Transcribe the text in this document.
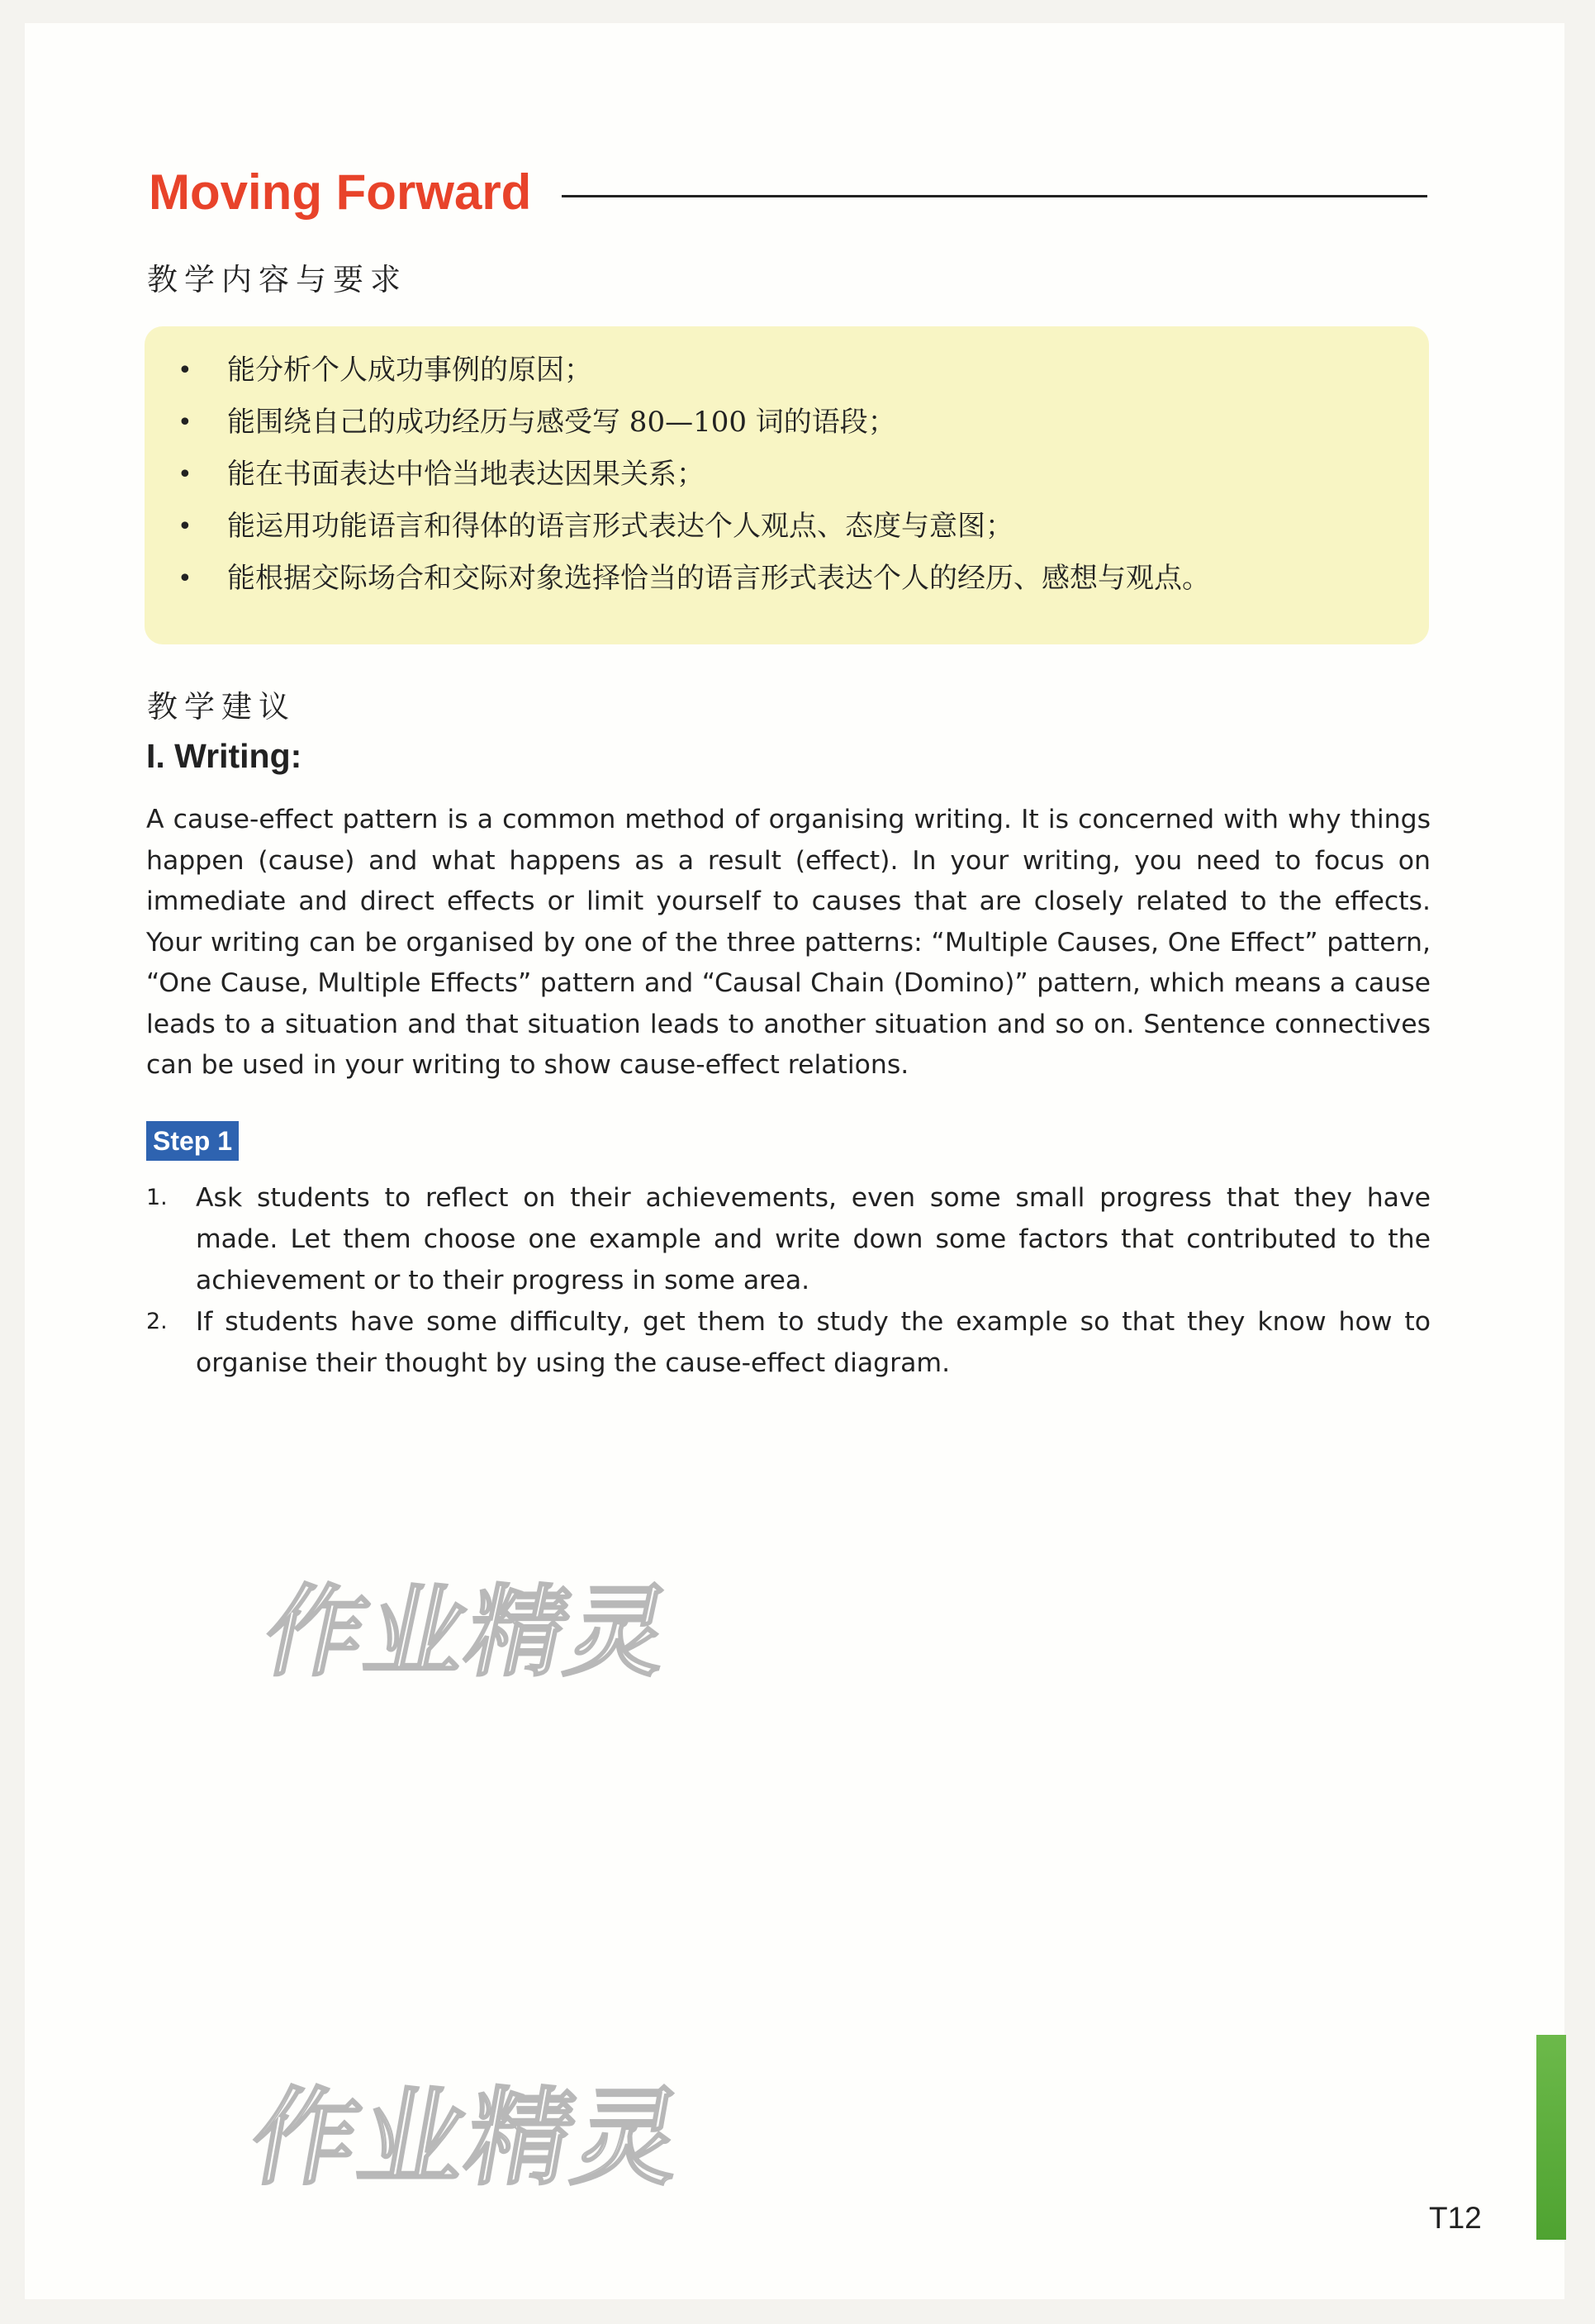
Moving Forward
教学内容与要求
• 能分析个人成功事例的原因；
• 能围绕自己的成功经历与感受写 80—100 词的语段；
• 能在书面表达中恰当地表达因果关系；
• 能运用功能语言和得体的语言形式表达个人观点、态度与意图；
• 能根据交际场合和交际对象选择恰当的语言形式表达个人的经历、感想与观点。
教学建议
I. Writing:

A cause-effect pattern is a common method of organising writing. It is concerned with why things happen (cause) and what happens as a result (effect). In your writing, you need to focus on immediate and direct effects or limit yourself to causes that are closely related to the effects. Your writing can be organised by one of the three patterns: “Multiple Causes, One Effect” pattern, “One Cause, Multiple Effects” pattern and “Causal Chain (Domino)” pattern, which means a cause leads to a situation and that situation leads to another situation and so on. Sentence connectives can be used in your writing to show cause-effect relations.

Step 1
1. Ask students to reflect on their achievements, even some small progress that they have made. Let them choose one example and write down some factors that contributed to the achievement or to their progress in some area.
2. If students have some difficulty, get them to study the example so that they know how to organise their thought by using the cause-effect diagram.
作业精灵
作业精灵
T12
